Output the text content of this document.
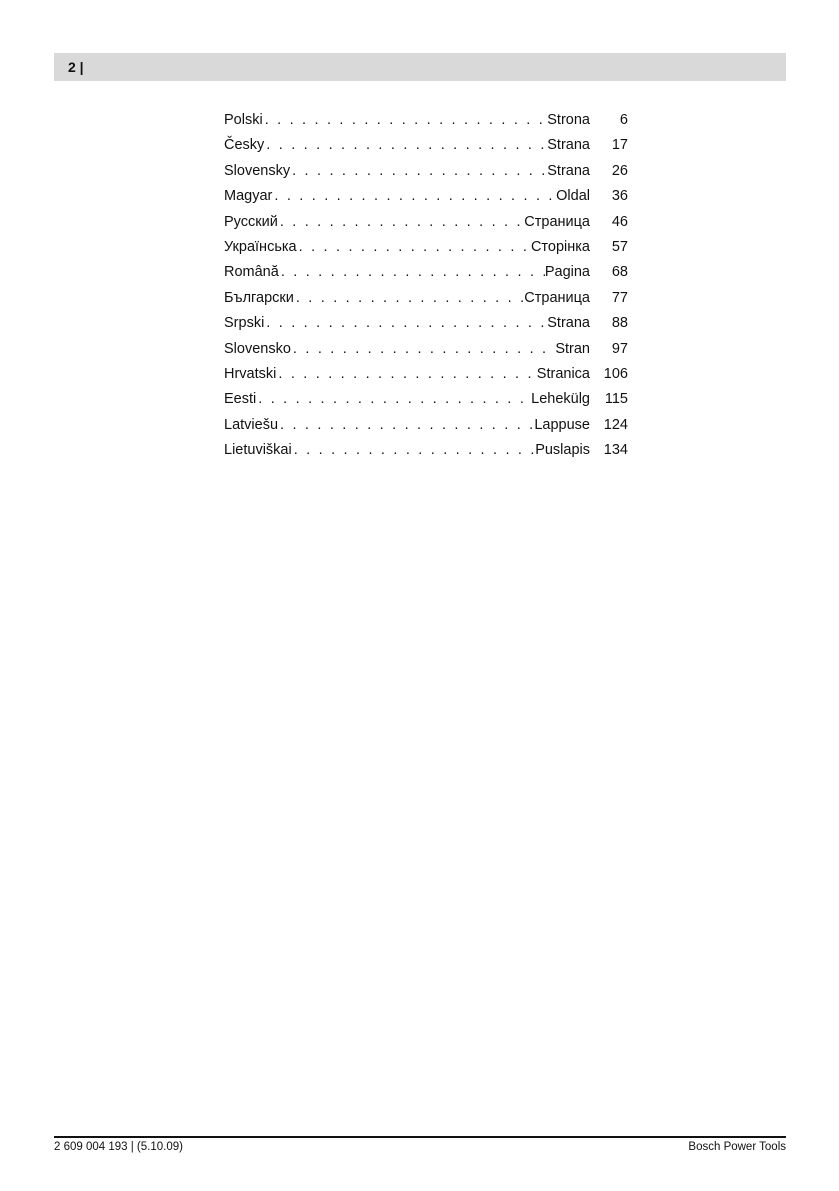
2 |
Polski . . .	Strona	6
Česky . . .	Strana	17
Slovensky . . .	Strana	26
Magyar . . .	Oldal	36
Русский . . .	Страница	46
Українська . . .	Сторінка	57
Română . . .	Pagina	68
Български . . .	Страница	77
Srpski . . .	Strana	88
Slovensko . . .	Stran	97
Hrvatski . . .	Stranica 106
Eesti . . .	Lehekülg	115
Latviešu . . .	Lappuse 124
Lietuviškai . . .	Puslapis 134
2 609 004 193 | (5.10.09)	Bosch Power Tools
